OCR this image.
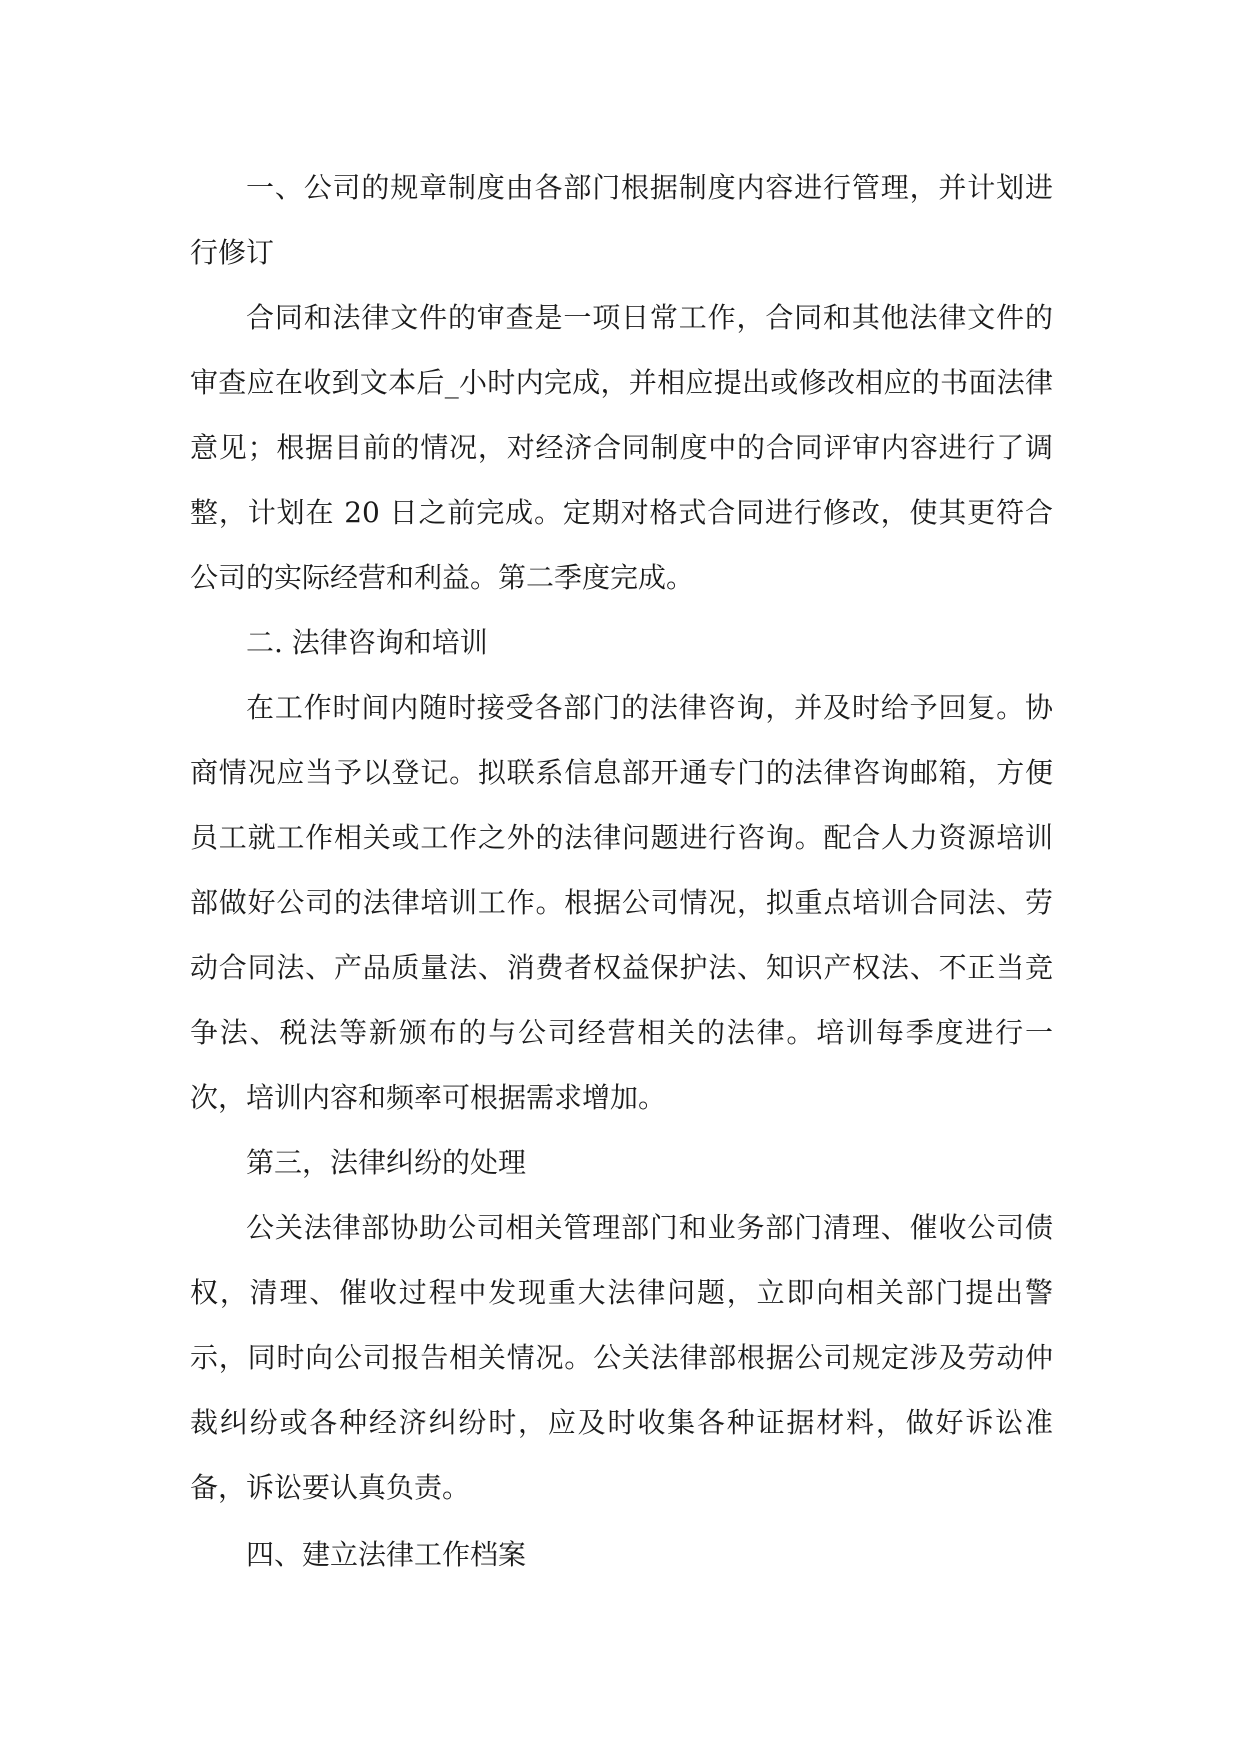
一、公司的规章制度由各部门根据制度内容进行管理，并计划进行修订

合同和法律文件的审查是一项日常工作，合同和其他法律文件的审查应在收到文本后_小时内完成，并相应提出或修改相应的书面法律意见；根据目前的情况，对经济合同制度中的合同评审内容进行了调整，计划在 20 日之前完成。定期对格式合同进行修改，使其更符合公司的实际经营和利益。第二季度完成。

二. 法律咨询和培训

在工作时间内随时接受各部门的法律咨询，并及时给予回复。协商情况应当予以登记。拟联系信息部开通专门的法律咨询邮箱，方便员工就工作相关或工作之外的法律问题进行咨询。配合人力资源培训部做好公司的法律培训工作。根据公司情况，拟重点培训合同法、劳动合同法、产品质量法、消费者权益保护法、知识产权法、不正当竞争法、税法等新颁布的与公司经营相关的法律。培训每季度进行一次，培训内容和频率可根据需求增加。

第三，法律纠纷的处理

公关法律部协助公司相关管理部门和业务部门清理、催收公司债权，清理、催收过程中发现重大法律问题，立即向相关部门提出警示，同时向公司报告相关情况。公关法律部根据公司规定涉及劳动仲裁纠纷或各种经济纠纷时，应及时收集各种证据材料，做好诉讼准备，诉讼要认真负责。

四、建立法律工作档案
